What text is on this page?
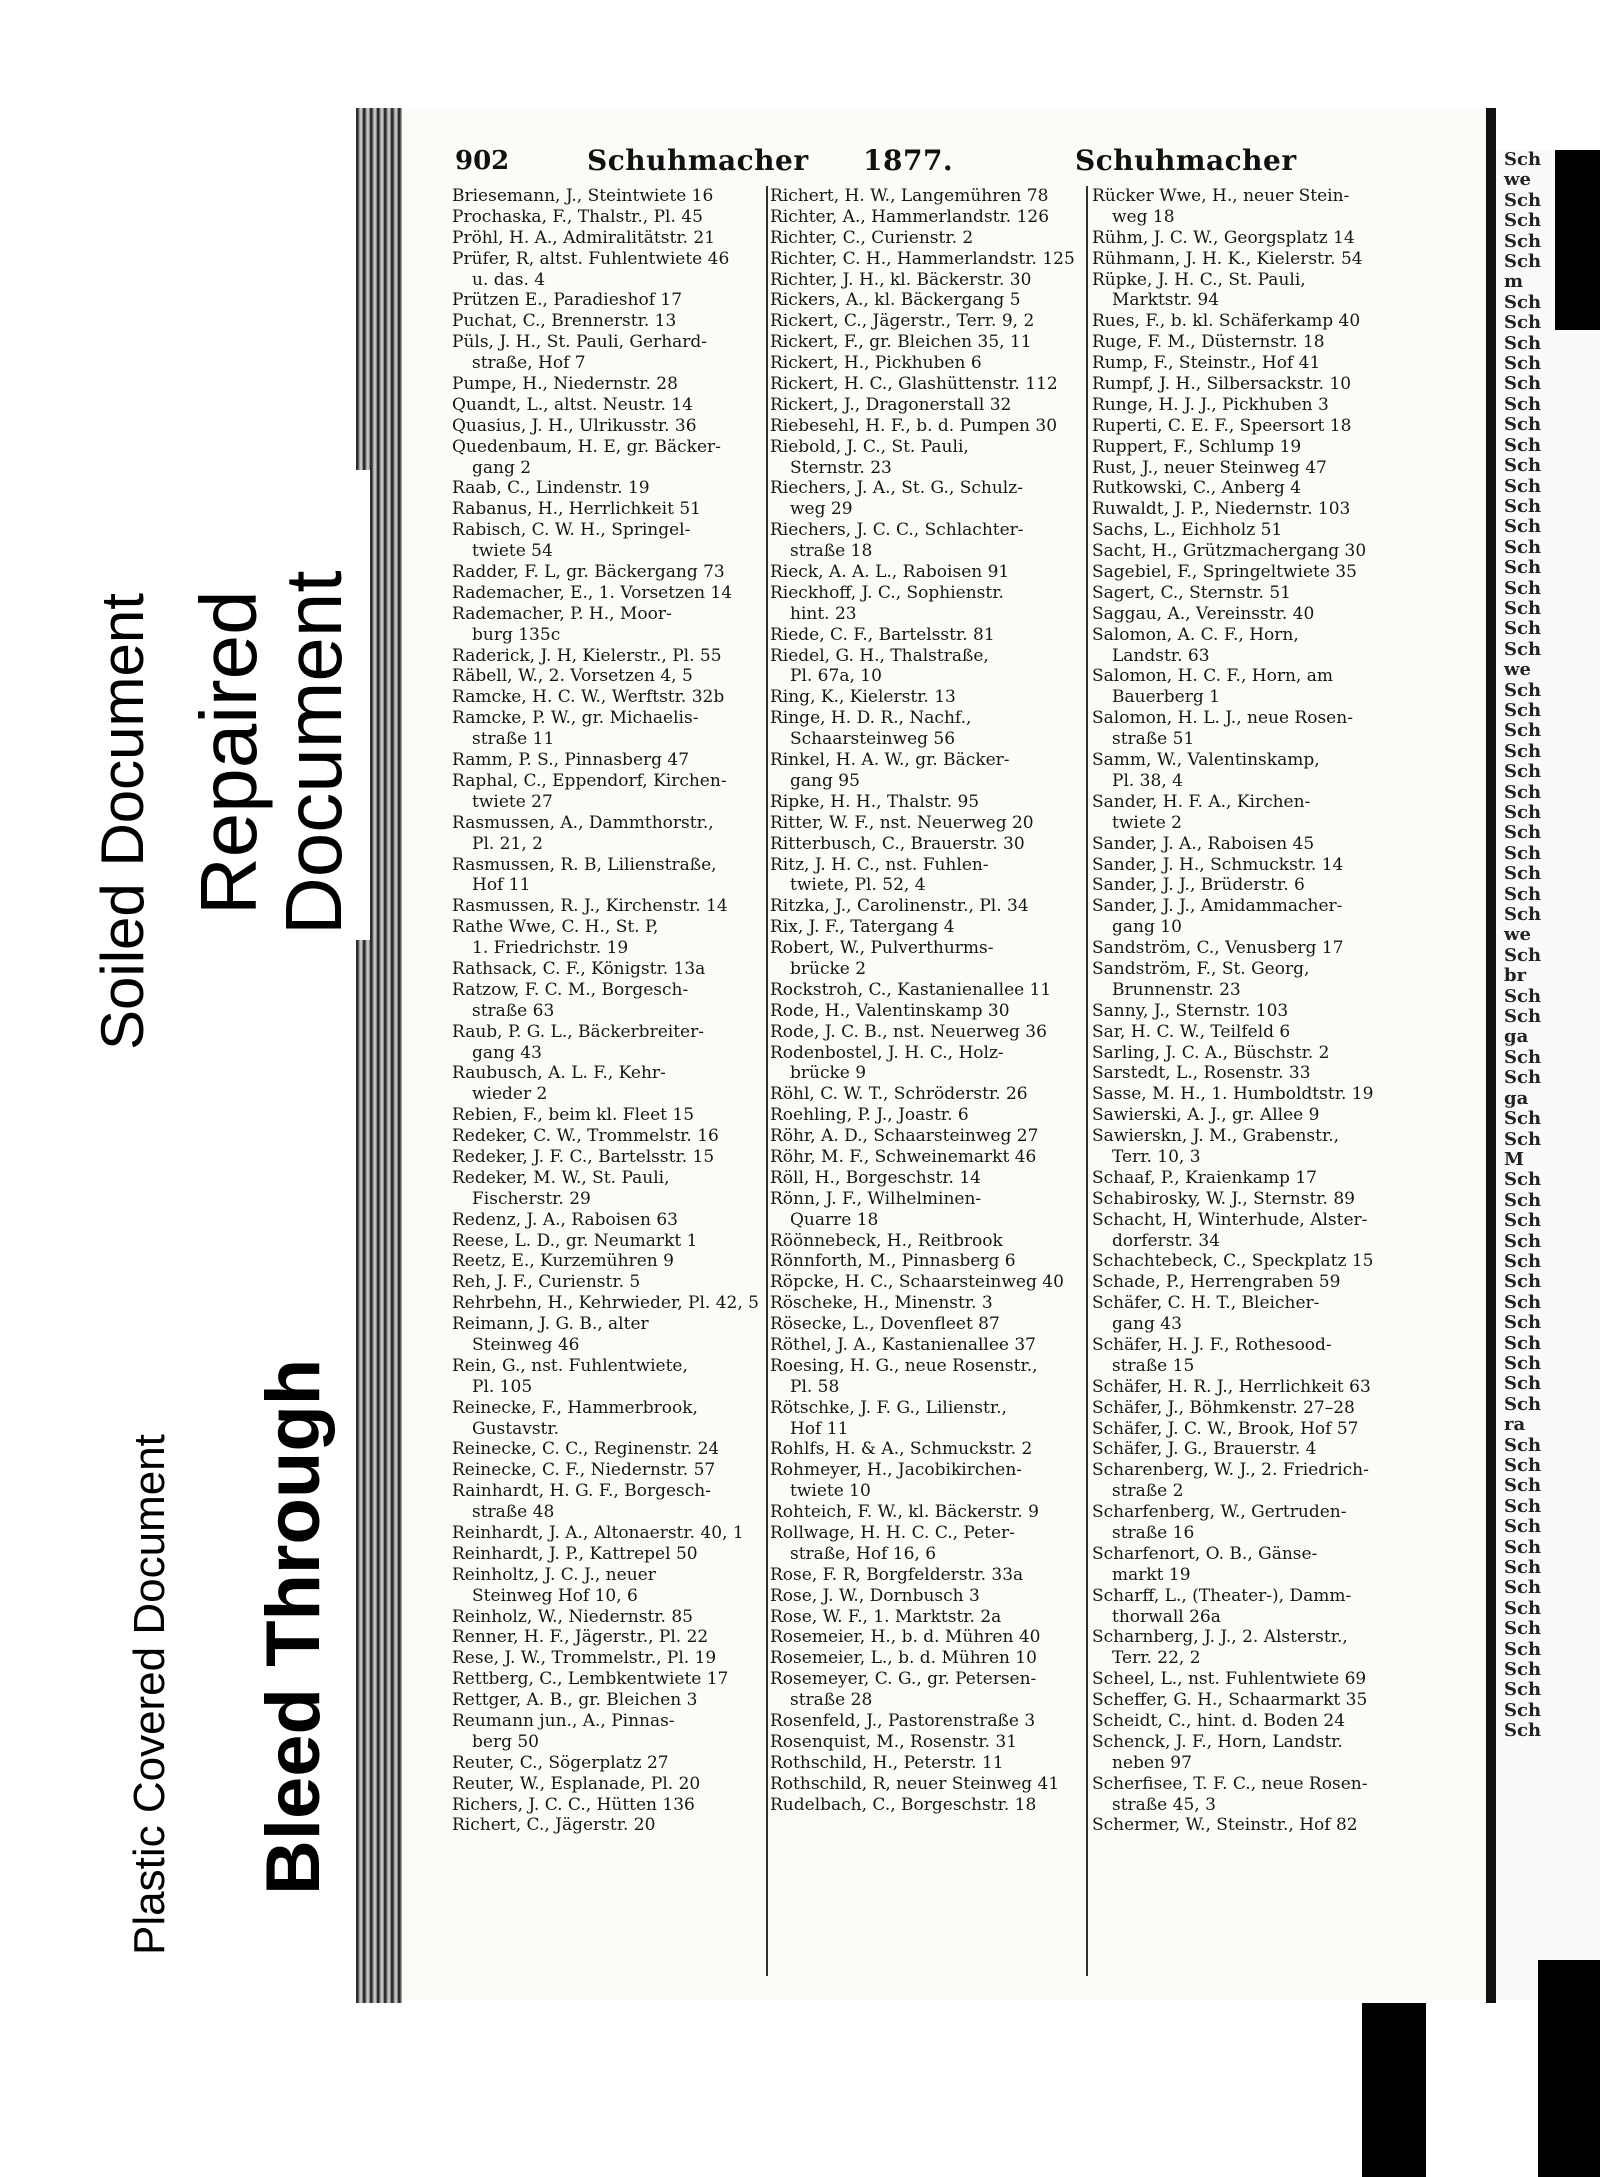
Sch
we
Sch
Sch
Sch
Sch
m
Sch
Sch
Sch
Sch
Sch
Sch
Sch
Sch
Sch
Sch
Sch
Sch
Sch
Sch
Sch
Sch
Sch
Sch
we
Sch
Sch
Sch
Sch
Sch
Sch
Sch
Sch
Sch
Sch
Sch
Sch
we
Sch
br
Sch
Sch
ga
Sch
Sch
ga
Sch
Sch
M
Sch
Sch
Sch
Sch
Sch
Sch
Sch
Sch
Sch
Sch
Sch
Sch
ra
Sch
Sch
Sch
Sch
Sch
Sch
Sch
Sch
Sch
Sch
Sch
Sch
Sch
Sch
Sch
902	Schuhmacher 1877.	Schuhmacher
Briesemann, J., Steintwiete 16
Prochaska, F., Thalstr., Pl. 45
Pröhl, H. A., Admiralitätstr. 21
Prüfer, R, altst. Fuhlentwiete 46
u. das. 4
Prützen E., Paradieshof 17
Puchat, C., Brennerstr. 13
Püls, J. H., St. Pauli, Gerhard-
straße, Hof 7
Pumpe, H., Niedernstr. 28
Quandt, L., altst. Neustr. 14
Quasius, J. H., Ulrikusstr. 36
Quedenbaum, H. E, gr. Bäcker-
gang 2
Raab, C., Lindenstr. 19
Rabanus, H., Herrlichkeit 51
Rabisch, C. W. H., Springel-
twiete 54
Radder, F. L, gr. Bäckergang 73
Rademacher, E., 1. Vorsetzen 14
Rademacher, P. H., Moor-
burg 135c
Raderick, J. H, Kielerstr., Pl. 55
Räbell, W., 2. Vorsetzen 4, 5
Ramcke, H. C. W., Werftstr. 32b
Ramcke, P. W., gr. Michaelis-
straße 11
Ramm, P. S., Pinnasberg 47
Raphal, C., Eppendorf, Kirchen-
twiete 27
Rasmussen, A., Dammthorstr.,
Pl. 21, 2
Rasmussen, R. B, Lilienstraße,
Hof 11
Rasmussen, R. J., Kirchenstr. 14
Rathe Wwe, C. H., St. P,
1. Friedrichstr. 19
Rathsack, C. F., Königstr. 13a
Ratzow, F. C. M., Borgesch-
straße 63
Raub, P. G. L., Bäckerbreiter-
gang 43
Raubusch, A. L. F., Kehr-
wieder 2
Rebien, F., beim kl. Fleet 15
Redeker, C. W., Trommelstr. 16
Redeker, J. F. C., Bartelsstr. 15
Redeker, M. W., St. Pauli,
Fischerstr. 29
Redenz, J. A., Raboisen 63
Reese, L. D., gr. Neumarkt 1
Reetz, E., Kurzemühren 9
Reh, J. F., Curienstr. 5
Rehrbehn, H., Kehrwieder, Pl. 42, 5
Reimann, J. G. B., alter
Steinweg 46
Rein, G., nst. Fuhlentwiete,
Pl. 105
Reinecke, F., Hammerbrook,
Gustavstr.
Reinecke, C. C., Reginenstr. 24
Reinecke, C. F., Niedernstr. 57
Rainhardt, H. G. F., Borgesch-
straße 48
Reinhardt, J. A., Altonaerstr. 40, 1
Reinhardt, J. P., Kattrepel 50
Reinholtz, J. C. J., neuer
Steinweg Hof 10, 6
Reinholz, W., Niedernstr. 85
Renner, H. F., Jägerstr., Pl. 22
Rese, J. W., Trommelstr., Pl. 19
Rettberg, C., Lembkentwiete 17
Rettger, A. B., gr. Bleichen 3
Reumann jun., A., Pinnas-
berg 50
Reuter, C., Sögerplatz 27
Reuter, W., Esplanade, Pl. 20
Richers, J. C. C., Hütten 136
Richert, C., Jägerstr. 20
Richert, H. W., Langemühren 78
Richter, A., Hammerlandstr. 126
Richter, C., Curienstr. 2
Richter, C. H., Hammerlandstr. 125
Richter, J. H., kl. Bäckerstr. 30
Rickers, A., kl. Bäckergang 5
Rickert, C., Jägerstr., Terr. 9, 2
Rickert, F., gr. Bleichen 35, 11
Rickert, H., Pickhuben 6
Rickert, H. C., Glashüttenstr. 112
Rickert, J., Dragonerstall 32
Riebesehl, H. F., b. d. Pumpen 30
Riebold, J. C., St. Pauli,
Sternstr. 23
Riechers, J. A., St. G., Schulz-
weg 29
Riechers, J. C. C., Schlachter-
straße 18
Rieck, A. A. L., Raboisen 91
Rieckhoff, J. C., Sophienstr.
hint. 23
Riede, C. F., Bartelsstr. 81
Riedel, G. H., Thalstraße,
Pl. 67a, 10
Ring, K., Kielerstr. 13
Ringe, H. D. R., Nachf.,
Schaarsteinweg 56
Rinkel, H. A. W., gr. Bäcker-
gang 95
Ripke, H. H., Thalstr. 95
Ritter, W. F., nst. Neuerweg 20
Ritterbusch, C., Brauerstr. 30
Ritz, J. H. C., nst. Fuhlen-
twiete, Pl. 52, 4
Ritzka, J., Carolinenstr., Pl. 34
Rix, J. F., Tatergang 4
Robert, W., Pulverthurms-
brücke 2
Rockstroh, C., Kastanienallee 11
Rode, H., Valentinskamp 30
Rode, J. C. B., nst. Neuerweg 36
Rodenbostel, J. H. C., Holz-
brücke 9
Röhl, C. W. T., Schröderstr. 26
Roehling, P. J., Joastr. 6
Röhr, A. D., Schaarsteinweg 27
Röhr, M. F., Schweinemarkt 46
Röll, H., Borgeschstr. 14
Rönn, J. F., Wilhelminen-
Quarre 18
Röönnebeck, H., Reitbrook
Rönnforth, M., Pinnasberg 6
Röpcke, H. C., Schaarsteinweg 40
Röscheke, H., Minenstr. 3
Rösecke, L., Dovenfleet 87
Röthel, J. A., Kastanienallee 37
Roesing, H. G., neue Rosenstr.,
Pl. 58
Rötschke, J. F. G., Lilienstr.,
Hof 11
Rohlfs, H. & A., Schmuckstr. 2
Rohmeyer, H., Jacobikirchen-
twiete 10
Rohteich, F. W., kl. Bäckerstr. 9
Rollwage, H. H. C. C., Peter-
straße, Hof 16, 6
Rose, F. R, Borgfelderstr. 33a
Rose, J. W., Dornbusch 3
Rose, W. F., 1. Marktstr. 2a
Rosemeier, H., b. d. Mühren 40
Rosemeier, L., b. d. Mühren 10
Rosemeyer, C. G., gr. Petersen-
straße 28
Rosenfeld, J., Pastorenstraße 3
Rosenquist, M., Rosenstr. 31
Rothschild, H., Peterstr. 11
Rothschild, R, neuer Steinweg 41
Rudelbach, C., Borgeschstr. 18
Rücker Wwe, H., neuer Stein-
weg 18
Rühm, J. C. W., Georgsplatz 14
Rühmann, J. H. K., Kielerstr. 54
Rüpke, J. H. C., St. Pauli,
Marktstr. 94
Rues, F., b. kl. Schäferkamp 40
Ruge, F. M., Düsternstr. 18
Rump, F., Steinstr., Hof 41
Rumpf, J. H., Silbersackstr. 10
Runge, H. J. J., Pickhuben 3
Ruperti, C. E. F., Speersort 18
Ruppert, F., Schlump 19
Rust, J., neuer Steinweg 47
Rutkowski, C., Anberg 4
Ruwaldt, J. P., Niedernstr. 103
Sachs, L., Eichholz 51
Sacht, H., Grützmachergang 30
Sagebiel, F., Springeltwiete 35
Sagert, C., Sternstr. 51
Saggau, A., Vereinsstr. 40
Salomon, A. C. F., Horn,
Landstr. 63
Salomon, H. C. F., Horn, am
Bauerberg 1
Salomon, H. L. J., neue Rosen-
straße 51
Samm, W., Valentinskamp,
Pl. 38, 4
Sander, H. F. A., Kirchen-
twiete 2
Sander, J. A., Raboisen 45
Sander, J. H., Schmuckstr. 14
Sander, J. J., Brüderstr. 6
Sander, J. J., Amidammacher-
gang 10
Sandström, C., Venusberg 17
Sandström, F., St. Georg,
Brunnenstr. 23
Sanny, J., Sternstr. 103
Sar, H. C. W., Teilfeld 6
Sarling, J. C. A., Büschstr. 2
Sarstedt, L., Rosenstr. 33
Sasse, M. H., 1. Humboldtstr. 19
Sawierski, A. J., gr. Allee 9
Sawierskn, J. M., Grabenstr.,
Terr. 10, 3
Schaaf, P., Kraienkamp 17
Schabirosky, W. J., Sternstr. 89
Schacht, H, Winterhude, Alster-
dorferstr. 34
Schachtebeck, C., Speckplatz 15
Schade, P., Herrengraben 59
Schäfer, C. H. T., Bleicher-
gang 43
Schäfer, H. J. F., Rothesood-
straße 15
Schäfer, H. R. J., Herrlichkeit 63
Schäfer, J., Böhmkenstr. 27–28
Schäfer, J. C. W., Brook, Hof 57
Schäfer, J. G., Brauerstr. 4
Scharenberg, W. J., 2. Friedrich-
straße 2
Scharfenberg, W., Gertruden-
straße 16
Scharfenort, O. B., Gänse-
markt 19
Scharff, L., (Theater-), Damm-
thorwall 26a
Scharnberg, J. J., 2. Alsterstr.,
Terr. 22, 2
Scheel, L., nst. Fuhlentwiete 69
Scheffer, G. H., Schaarmarkt 35
Scheidt, C., hint. d. Boden 24
Schenck, J. F., Horn, Landstr.
neben 97
Scherfisee, T. F. C., neue Rosen-
straße 45, 3
Schermer, W., Steinstr., Hof 82
Soiled Document Repaired
Document
Plastic Covered Document Bleed Through
